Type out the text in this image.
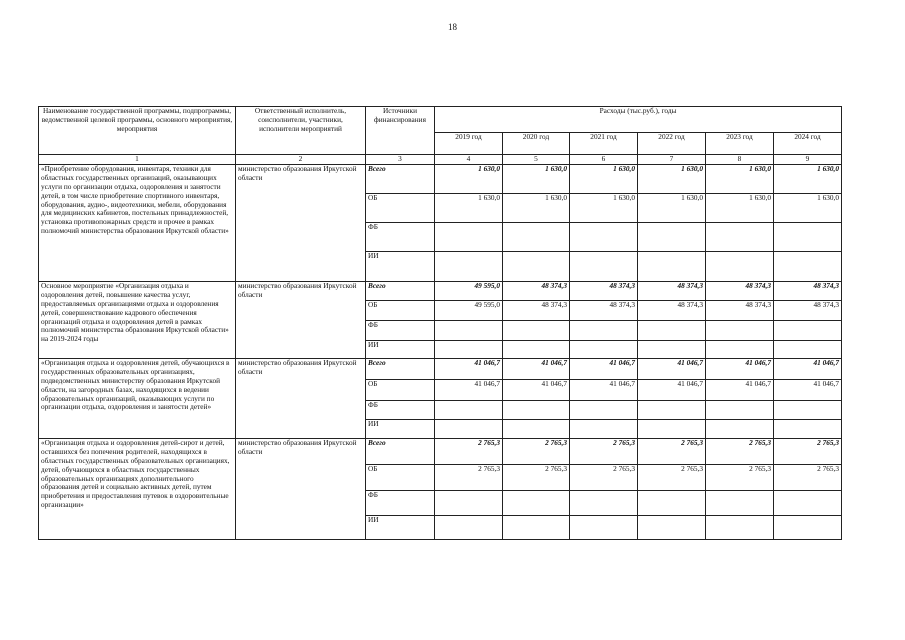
18
Наименование государственной программы, подпрограммы, ведомственной целевой программы, основного мероприятия, мероприятия	Ответственный исполнитель, соисполнители, участники, исполнители мероприятий	Источники финансирования	Расходы (тыс.руб.), годы					
			2019 год	2020 год	2021 год	2022 год	2023 год	2024 год
1	2	3	4	5	6	7	8	9
«Приобретение оборудования, инвентаря, техники для областных государственных организаций, оказывающих услуги по организации отдыха, оздоровления и занятости детей, в том числе приобретение спортивного инвентаря, оборудования, аудио-, видеотехники, мебели, оборудования для медицинских кабинетов, постельных принадлежностей, установка противопожарных средств и прочее в рамках полномочий министерства образования Иркутской области»	министерство образования Иркутской области	Всего	1 630,0	1 630,0	1 630,0	1 630,0	1 630,0	1 630,0
		ОБ	1 630,0	1 630,0	1 630,0	1 630,0	1 630,0	1 630,0
		ФБ						
		ИИ						
Основное мероприятие «Организация отдыха и оздоровления детей, повышение качества услуг, предоставляемых организациями отдыха и оздоровления детей, совершенствование кадрового обеспечения организаций отдыха и оздоровления детей в рамках полномочий министерства образования Иркутской области» на 2019-2024 годы	министерство образования Иркутской области	Всего	49 595,0	48 374,3	48 374,3	48 374,3	48 374,3	48 374,3
		ОБ	49 595,0	48 374,3	48 374,3	48 374,3	48 374,3	48 374,3
		ФБ						
		ИИ						
«Организация отдыха и оздоровления детей, обучающихся в государственных образовательных организациях, подведомственных министерству образования Иркутской области, на загородных базах, находящихся в ведении образовательных организаций, оказывающих услуги по организации отдыха, оздоровления и занятости детей»	министерство образования Иркутской области	Всего	41 046,7	41 046,7	41 046,7	41 046,7	41 046,7	41 046,7
		ОБ	41 046,7	41 046,7	41 046,7	41 046,7	41 046,7	41 046,7
		ФБ						
		ИИ						
«Организация отдыха и оздоровления детей-сирот и детей, оставшихся без попечения родителей, находящихся в областных государственных образовательных организациях, детей, обучающихся в областных государственных образовательных организациях дополнительного образования детей и социально активных детей, путем приобретения и предоставления путевок в оздоровительные организации»	министерство образования Иркутской области	Всего	2 765,3	2 765,3	2 765,3	2 765,3	2 765,3	2 765,3
		ОБ	2 765,3	2 765,3	2 765,3	2 765,3	2 765,3	2 765,3
		ФБ						
		ИИ						
